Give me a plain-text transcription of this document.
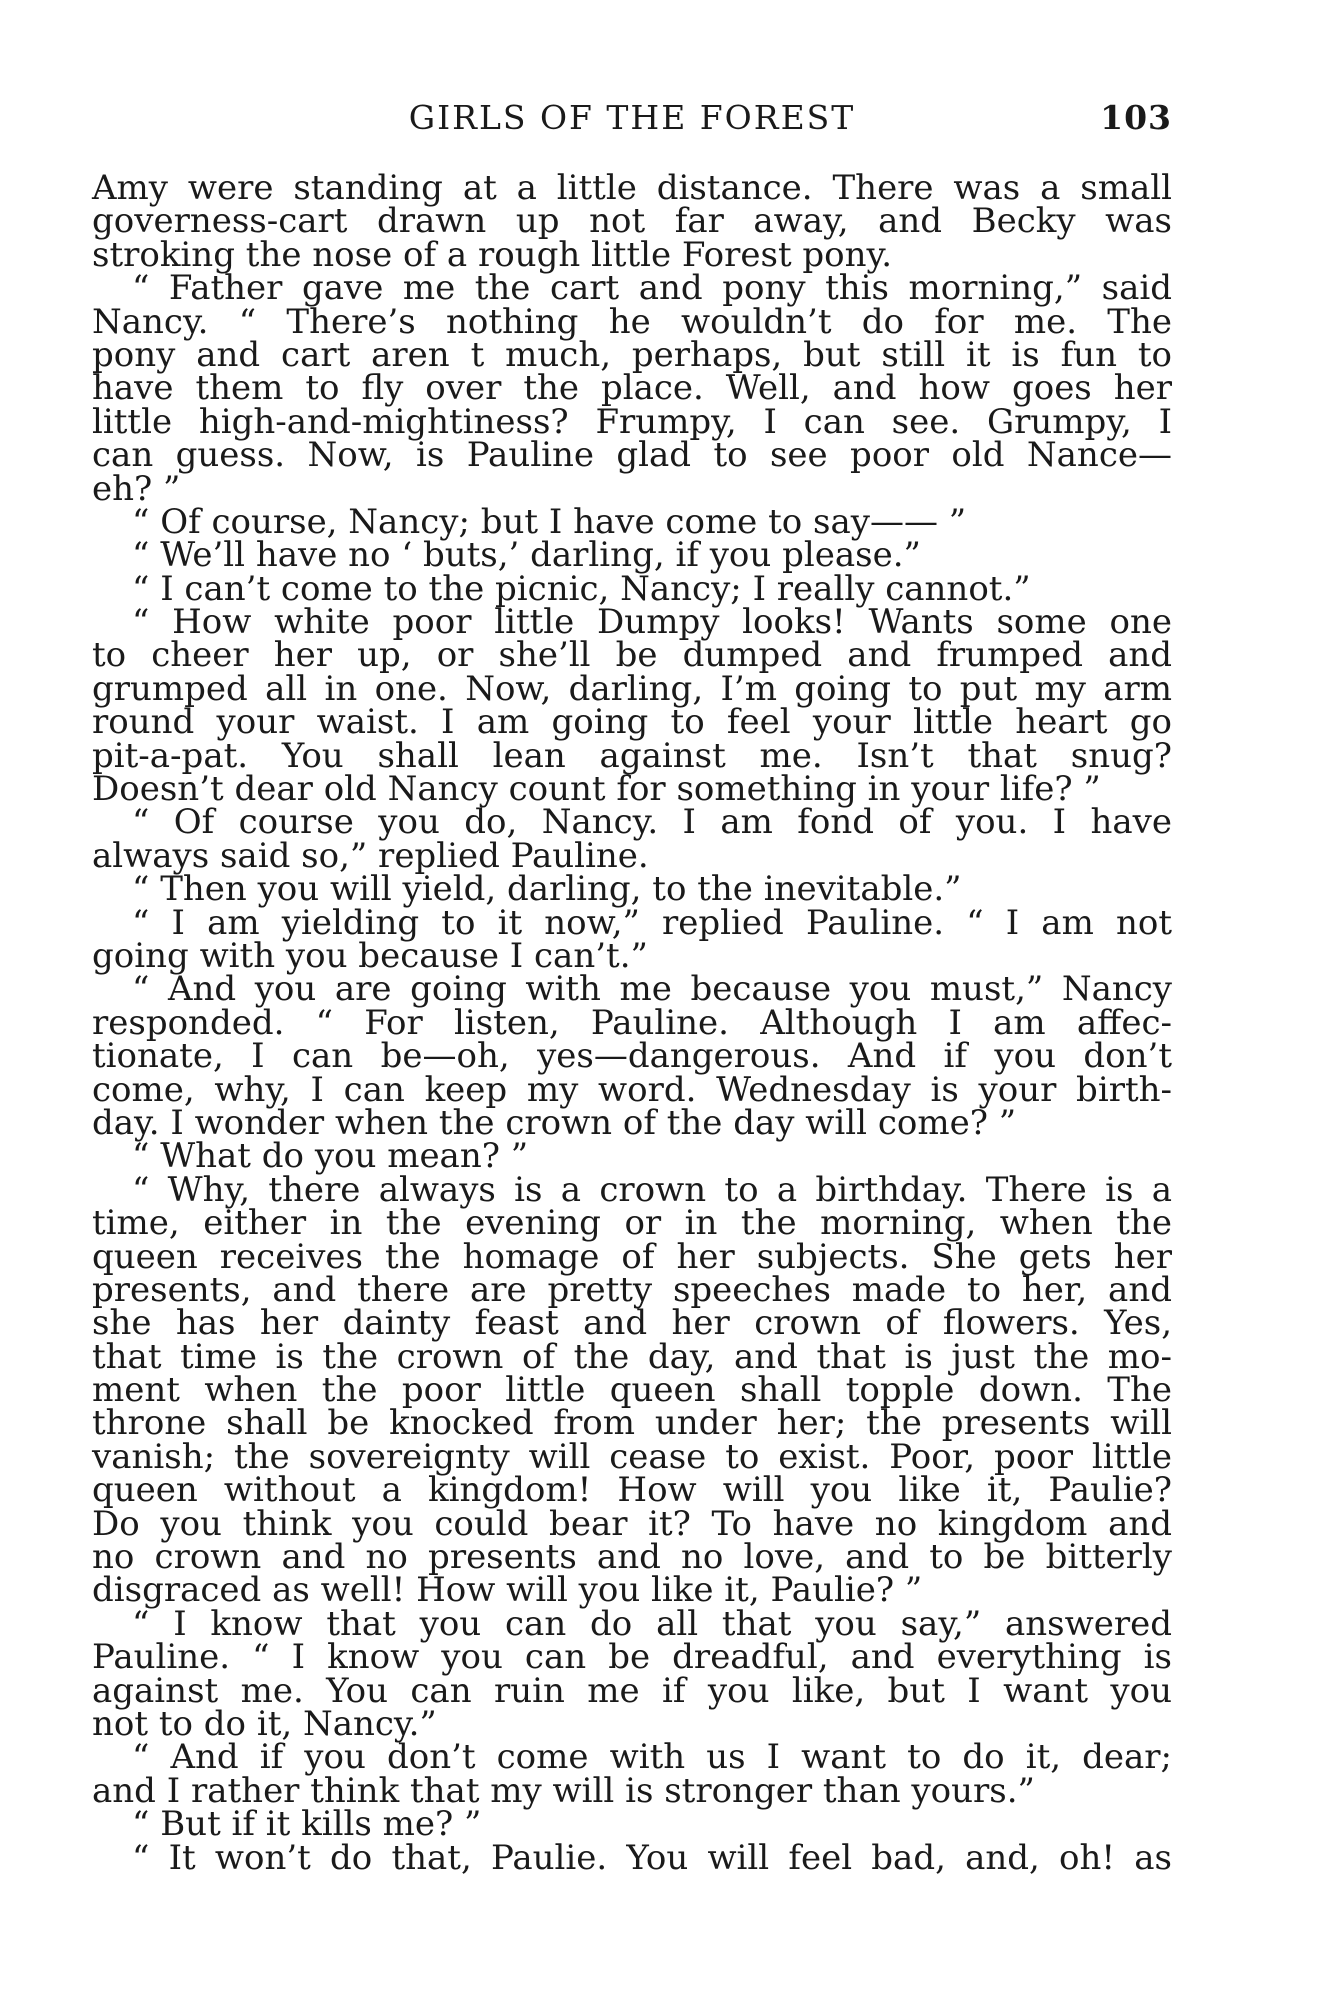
GIRLS OF THE FOREST	103
Amy were standing at a little distance. There was a small
governess-cart drawn up not far away, and Becky was
stroking the nose of a rough little Forest pony.
“ Father gave me the cart and pony this morning,” said
Nancy. “ There’s nothing he wouldn’t do for me. The
pony and cart aren t much, perhaps, but still it is fun to
have them to fly over the place. Well, and how goes her
little high-and-mightiness? Frumpy, I can see. Grumpy, I
can guess. Now, is Pauline glad to see poor old Nance—
eh? ”
“ Of course, Nancy; but I have come to say—— ”
“ We’ll have no ‘ buts,’ darling, if you please.”
“ I can’t come to the picnic, Nancy; I really cannot.”
“ How white poor little Dumpy looks! Wants some one
to cheer her up, or she’ll be dumped and frumped and
grumped all in one. Now, darling, I’m going to put my arm
round your waist. I am going to feel your little heart go
pit-a-pat. You shall lean against me. Isn’t that snug?
Doesn’t dear old Nancy count for something in your life? ”
“ Of course you do, Nancy. I am fond of you. I have
always said so,” replied Pauline.
“ Then you will yield, darling, to the inevitable.”
“ I am yielding to it now,” replied Pauline. “ I am not
going with you because I can’t.”
“ And you are going with me because you must,” Nancy
responded. “ For listen, Pauline. Although I am affec-
tionate, I can be—oh, yes—dangerous. And if you don’t
come, why, I can keep my word. Wednesday is your birth-
day. I wonder when the crown of the day will come? ”
“ What do you mean? ”
“ Why, there always is a crown to a birthday. There is a
time, either in the evening or in the morning, when the
queen receives the homage of her subjects. She gets her
presents, and there are pretty speeches made to her, and
she has her dainty feast and her crown of flowers. Yes,
that time is the crown of the day, and that is just the mo-
ment when the poor little queen shall topple down. The
throne shall be knocked from under her; the presents will
vanish; the sovereignty will cease to exist. Poor, poor little
queen without a kingdom! How will you like it, Paulie?
Do you think you could bear it? To have no kingdom and
no crown and no presents and no love, and to be bitterly
disgraced as well! How will you like it, Paulie? ”
“ I know that you can do all that you say,” answered
Pauline. “ I know you can be dreadful, and everything is
against me. You can ruin me if you like, but I want you
not to do it, Nancy.”
“ And if you don’t come with us I want to do it, dear;
and I rather think that my will is stronger than yours.”
“ But if it kills me? ”
“ It won’t do that, Paulie. You will feel bad, and, oh! as
